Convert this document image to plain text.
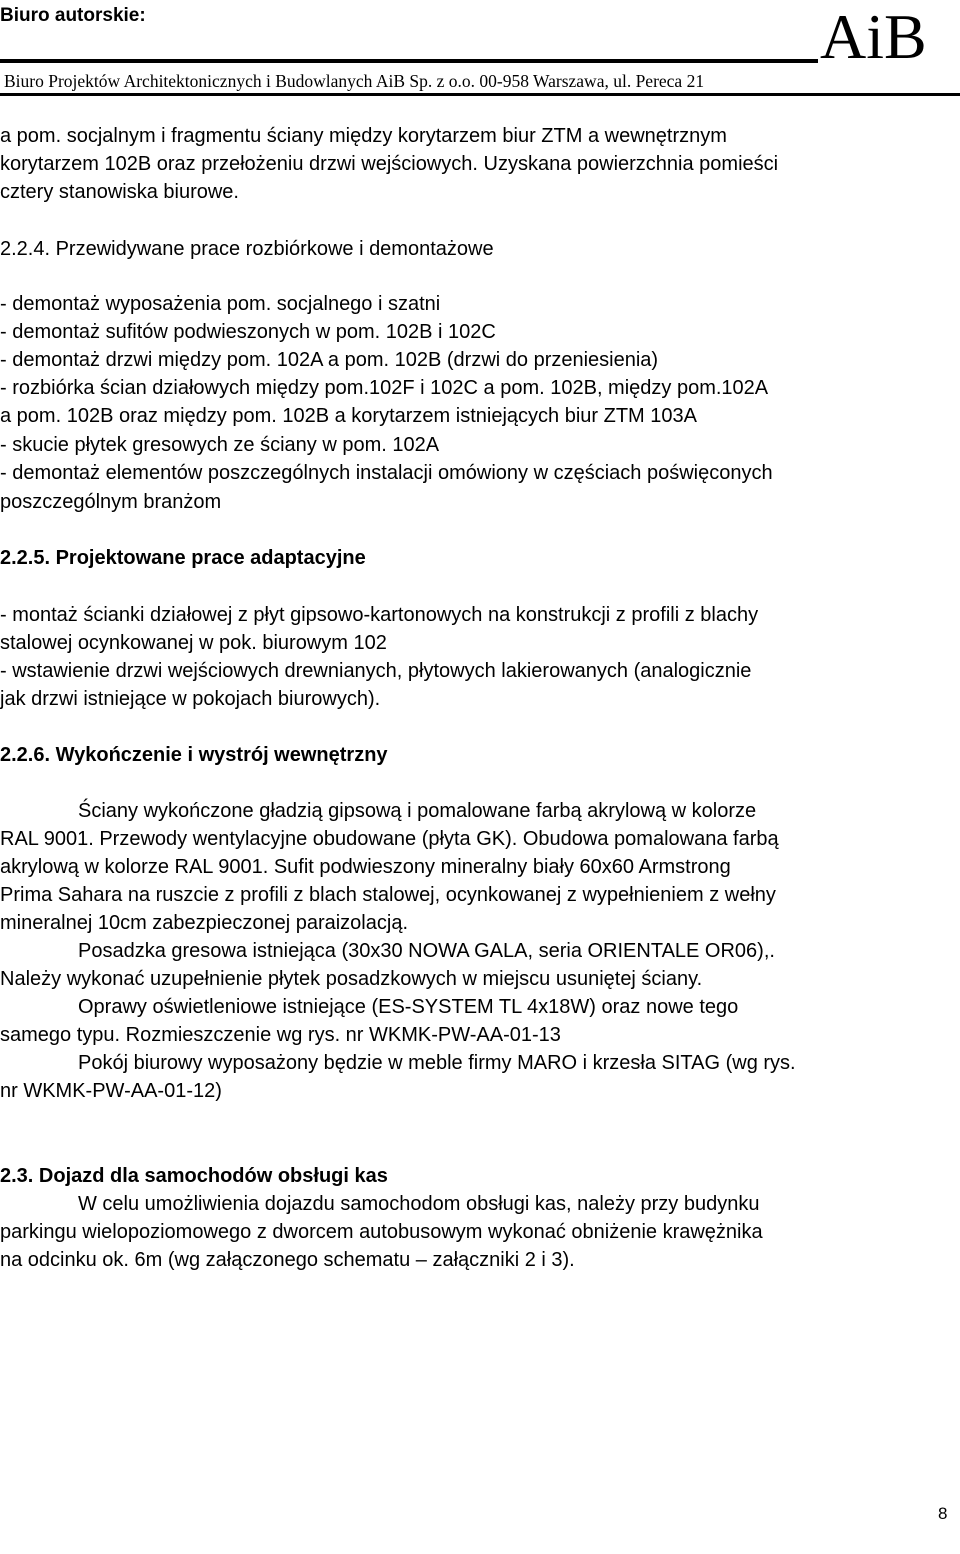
Biuro autorskie:	AiB
Biuro Projektów Architektonicznych i Budowlanych AiB Sp. z o.o. 00-958 Warszawa, ul. Pereca 21
a pom. socjalnym i fragmentu ściany między korytarzem biur ZTM a wewnętrznym
korytarzem 102B oraz przełożeniu drzwi wejściowych. Uzyskana powierzchnia pomieści
cztery stanowiska biurowe.
2.2.4. Przewidywane prace rozbiórkowe i demontażowe
- demontaż wyposażenia pom. socjalnego i szatni
- demontaż sufitów podwieszonych w pom. 102B i 102C
- demontaż drzwi między pom. 102A a pom. 102B (drzwi do przeniesienia)
- rozbiórka ścian działowych między pom.102F i 102C a pom. 102B, między pom.102A
a pom. 102B oraz między pom. 102B a korytarzem istniejących biur ZTM 103A
- skucie płytek gresowych ze ściany w pom. 102A
- demontaż elementów poszczególnych instalacji omówiony w częściach poświęconych
poszczególnym branżom
2.2.5. Projektowane prace adaptacyjne
- montaż ścianki działowej z płyt gipsowo-kartonowych na konstrukcji z profili z blachy
stalowej ocynkowanej w pok. biurowym 102
- wstawienie drzwi wejściowych drewnianych, płytowych lakierowanych (analogicznie
jak drzwi istniejące w pokojach biurowych).
2.2.6. Wykończenie i wystrój wewnętrzny
Ściany wykończone gładzią gipsową i pomalowane farbą akrylową w kolorze
RAL 9001. Przewody wentylacyjne obudowane (płyta GK). Obudowa pomalowana farbą
akrylową w kolorze RAL 9001. Sufit podwieszony mineralny biały 60x60 Armstrong
Prima Sahara na ruszcie z profili z blach stalowej, ocynkowanej z wypełnieniem z wełny
mineralnej 10cm zabezpieczonej paraizolacją.
Posadzka gresowa istniejąca (30x30 NOWA GALA, seria ORIENTALE OR06),.
Należy wykonać uzupełnienie płytek posadzkowych w miejscu usuniętej ściany.
Oprawy oświetleniowe istniejące (ES-SYSTEM TL 4x18W) oraz nowe tego
samego typu. Rozmieszczenie wg rys. nr WKMK-PW-AA-01-13
Pokój biurowy wyposażony będzie w meble firmy MARO i krzesła SITAG (wg rys.
nr WKMK-PW-AA-01-12)
2.3. Dojazd dla samochodów obsługi kas
W celu umożliwienia dojazdu samochodom obsługi kas, należy przy budynku
parkingu wielopoziomowego z dworcem autobusowym wykonać obniżenie krawężnika
na odcinku ok. 6m (wg załączonego schematu – załączniki 2 i 3).
8
